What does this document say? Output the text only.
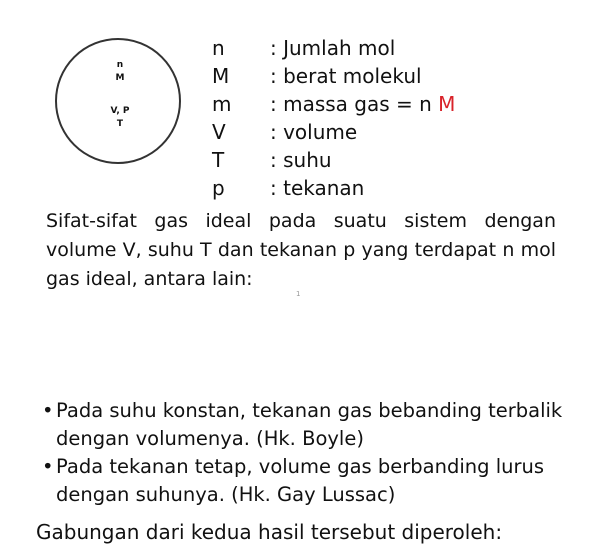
n
M
V, P
T
n	: Jumlah mol
M	: berat molekul
m	: massa gas = n M
V	: volume
T	: suhu
p	: tekanan
Sifat-sifat gas ideal pada suatu sistem dengan volume V, suhu T dan tekanan p yang terdapat n mol gas ideal, antara lain:
1
• Pada suhu konstan, tekanan gas bebanding terbalik dengan volumenya. (Hk. Boyle)
• Pada tekanan tetap, volume gas berbanding lurus dengan suhunya. (Hk. Gay Lussac)
Gabungan dari kedua hasil tersebut diperoleh:
